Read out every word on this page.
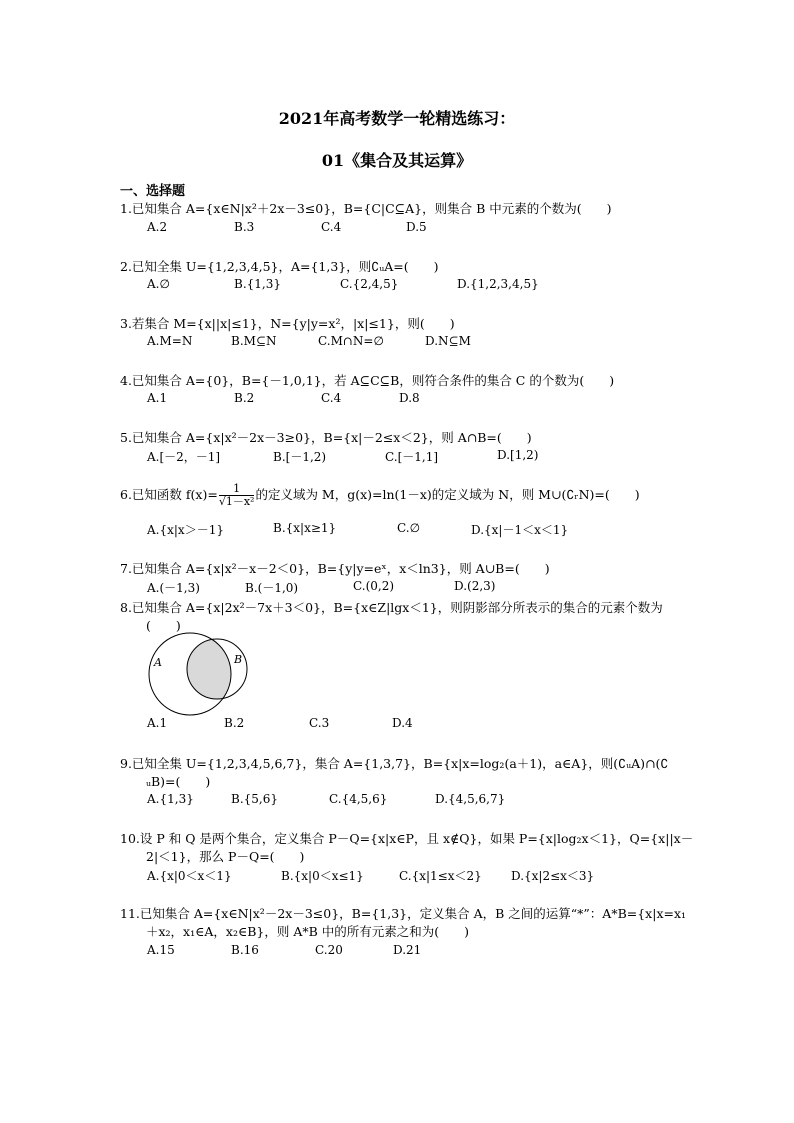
2021年高考数学一轮精选练习：
01《集合及其运算》
一、选择题
1.已知集合 A={x∈N|x²＋2x－3≤0}，B={C|C⊆A}，则集合 B 中元素的个数为(　　)
A.2	B.3	C.4	D.5
2.已知全集 U={1,2,3,4,5}，A={1,3}，则∁ᵤA=(　　)
A.∅	B.{1,3}	C.{2,4,5}	D.{1,2,3,4,5}
3.若集合 M={x||x|≤1}，N={y|y=x²，|x|≤1}，则(　　)
A.M=N	B.M⊆N	C.M∩N=∅	D.N⊆M
4.已知集合 A={0}，B={－1,0,1}，若 A⊆C⊆B，则符合条件的集合 C 的个数为(　　)
A.1	B.2	C.4	D.8
5.已知集合 A={x|x²－2x－3≥0}，B={x|－2≤x＜2}，则 A∩B=(　　)
A.[－2，－1]	B.[－1,2)	C.[－1,1]	D.[1,2)
6.已知函数 $f(x)= \frac{1}{\text{√1－x²}}$ 的定义域为 M，g(x)=ln(1－x)的定义域为 N，则 M∪(∁ᵣN)=(　　)
A.{x|x＞－1}	B.{x|x≥1}	C.∅	D.{x|－1＜x＜1}
7.已知集合 A={x|x²－x－2＜0}，B={y|y=eˣ，x＜ln3}，则 A∪B=(　　)
A.(－1,3)	B.(－1,0)	C.(0,2)	D.(2,3)
8.已知集合 A={x|2x²－7x＋3＜0}，B={x∈Z|lgx＜1}，则阴影部分所表示的集合的元素个数为
(　　)
A	B
A.1	B.2	C.3	D.4
9.已知全集 U={1,2,3,4,5,6,7}，集合 A={1,3,7}，B={x|x=log₂(a＋1)，a∈A}，则(∁ᵤA)∩(∁
ᵤB)=(　　)
A.{1,3}	B.{5,6}	C.{4,5,6}	D.{4,5,6,7}
10.设 P 和 Q 是两个集合，定义集合 P－Q={x|x∈P，且 x∉Q}，如果 P={x|log₂x＜1}，Q={x||x－
2|＜1}，那么 P－Q=(　　)
A.{x|0＜x＜1}	B.{x|0＜x≤1}	C.{x|1≤x＜2} D.{x|2≤x＜3}
11.已知集合 A={x∈N|x²－2x－3≤0}，B={1,3}，定义集合 A，B 之间的运算“*”：A*B={x|x=x₁
＋x₂，x₁∈A，x₂∈B}，则 A*B 中的所有元素之和为(　　)
A.15	B.16	C.20	D.21
